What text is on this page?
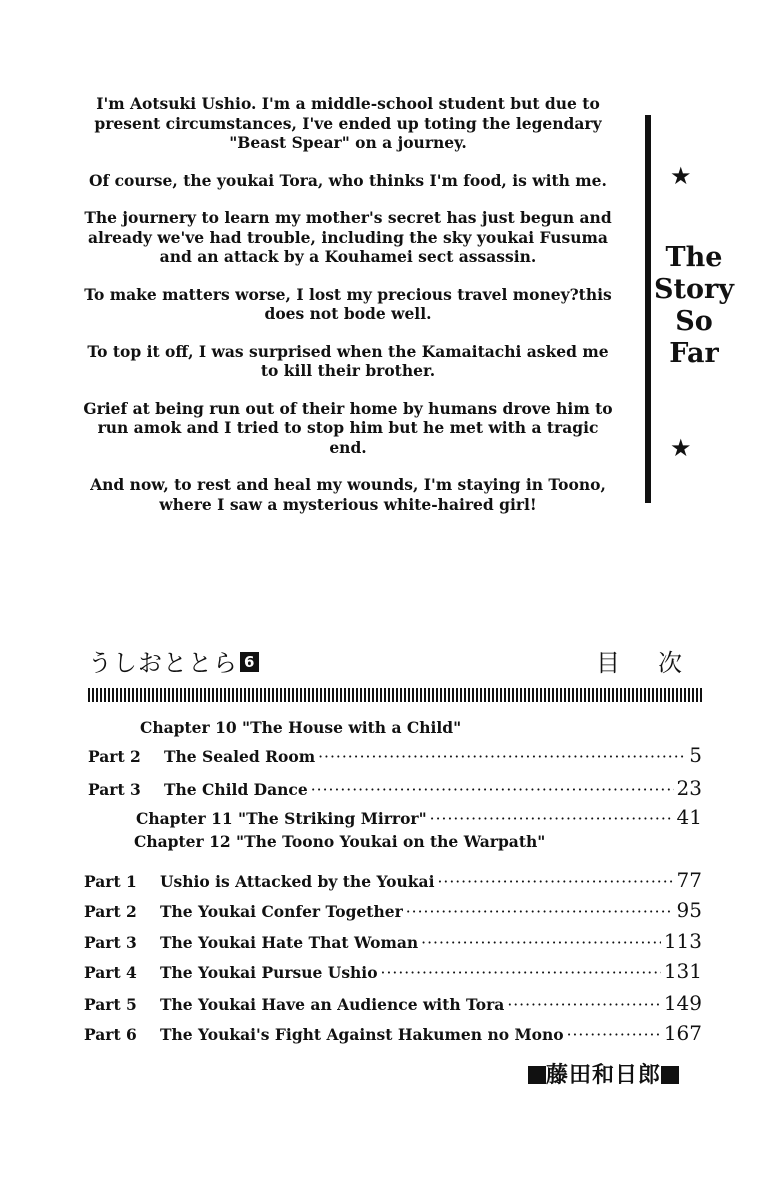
I'm Aotsuki Ushio. I'm a middle-school student but due to present circumstances, I've ended up toting the legendary "Beast Spear" on a journey.

Of course, the youkai Tora, who thinks I'm food, is with me.

The journery to learn my mother's secret has just begun and already we've had trouble, including the sky youkai Fusuma and an attack by a Kouhamei sect assassin.

To make matters worse, I lost my precious travel money?this does not bode well.

To top it off, I was surprised when the Kamaitachi asked me to kill their brother.

Grief at being run out of their home by humans drove him to run amok and I tried to stop him but he met with a tragic end.

And now, to rest and heal my wounds, I'm staying in Toono, where I saw a mysterious white-haired girl!

★
The
Story
So
Far
★
うしおととら 6	目次
Chapter 10 "The House with a Child"
Part 2	The Sealed Room ·····	5
Part 3	The Child Dance ·····	23
Chapter 11 "The Striking Mirror" ·····	41
Chapter 12 "The Toono Youkai on the Warpath"
Part 1	Ushio is Attacked by the Youkai ·····	77
Part 2	The Youkai Confer Together ·····	95
Part 3	The Youkai Hate That Woman ·····	113
Part 4	The Youkai Pursue Ushio ·····	131
Part 5	The Youkai Have an Audience with Tora ·····	149
Part 6	The Youkai's Fight Against Hakumen no Mono ·····	167
藤田和日郎
